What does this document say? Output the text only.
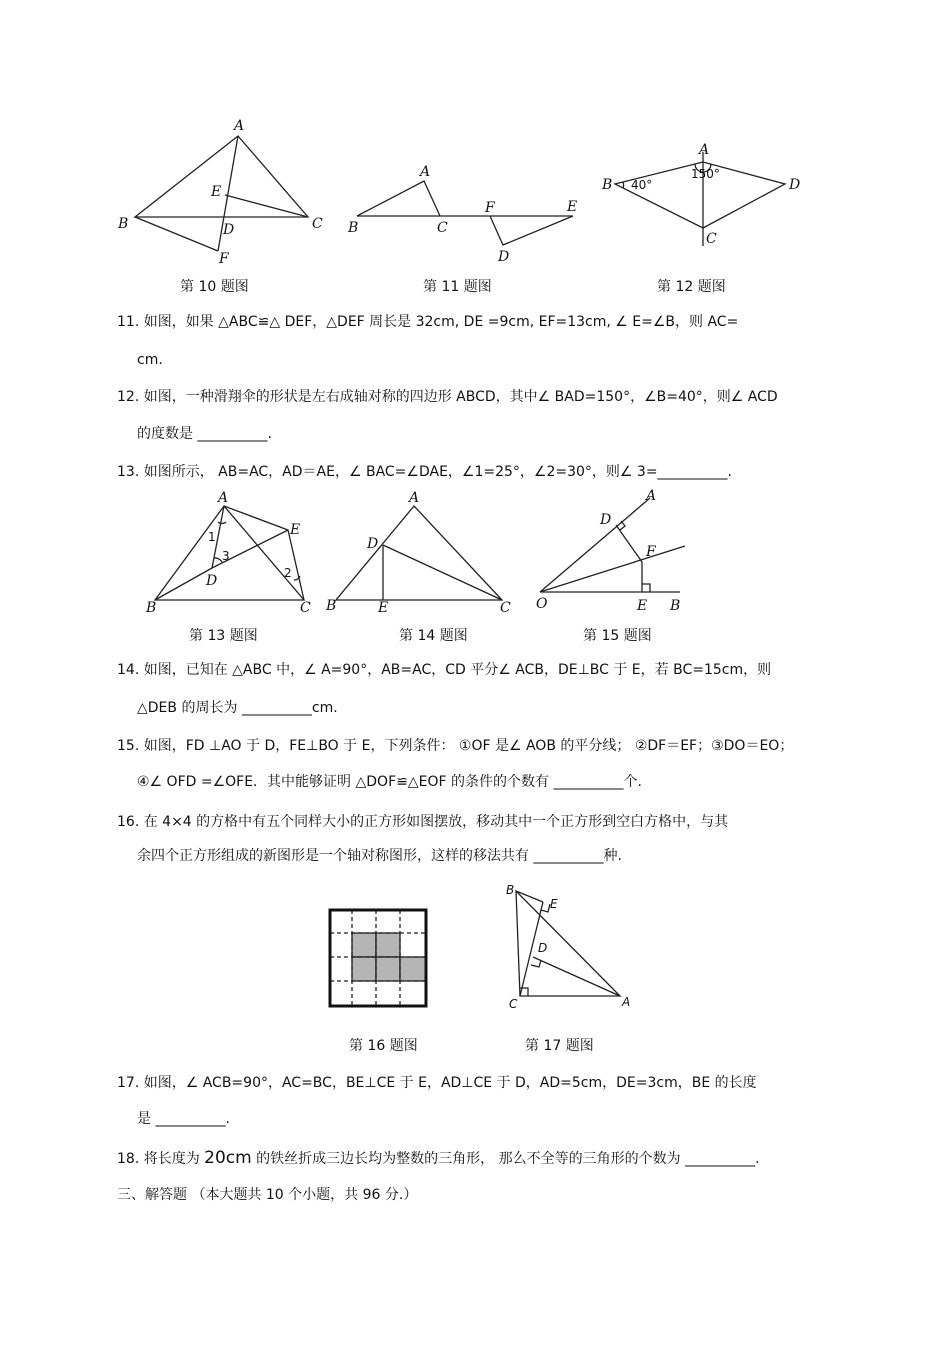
A
B	C
D
E
F
第 10 题图
A
B	C
D
E
F
第 11 题图
A
B
C
D
40°
150°
第 12 题图
11. 如图，如果 △ABC≌△ DEF，△DEF 周长是 32cm, DE =9cm, EF=13cm, ∠ E=∠B，则 AC=
cm.
12. 如图，一种滑翔伞的形状是左右成轴对称的四边形 ABCD，其中∠ BAD=150°，∠B=40°，则∠ ACD
的度数是 __________.
13. 如图所示， AB=AC，AD＝AE，∠ BAC=∠DAE，∠1=25°，∠2=30°，则∠ 3=__________.
A
B	C
D
E
1
2
3
第 13 题图
A
B	C
D
E
第 14 题图
A
D
F
O	E B
第 15 题图
14. 如图，已知在 △ABC 中，∠ A=90°，AB=AC，CD 平分∠ ACB，DE⊥BC 于 E，若 BC=15cm，则
△DEB 的周长为 __________cm.
15. 如图，FD ⊥AO 于 D，FE⊥BO 于 E，下列条件： ①OF 是∠ AOB 的平分线； ②DF＝EF；③DO＝EO；
④∠ OFD =∠OFE．其中能够证明 △DOF≌△EOF 的条件的个数有 __________个.
16. 在 4×4 的方格中有五个同样大小的正方形如图摆放，移动其中一个正方形到空白方格中，与其
余四个正方形组成的新图形是一个轴对称图形，这样的移法共有 __________种.
第 16 题图
B
E
D
C	A
第 17 题图
17. 如图，∠ ACB=90°，AC=BC，BE⊥CE 于 E，AD⊥CE 于 D，AD=5cm，DE=3cm，BE 的长度
是 __________.
18. 将长度为 20cm 的铁丝折成三边长均为整数的三角形， 那么不全等的三角形的个数为 __________.
三、解答题 （本大题共 10 个小题，共 96 分.）
